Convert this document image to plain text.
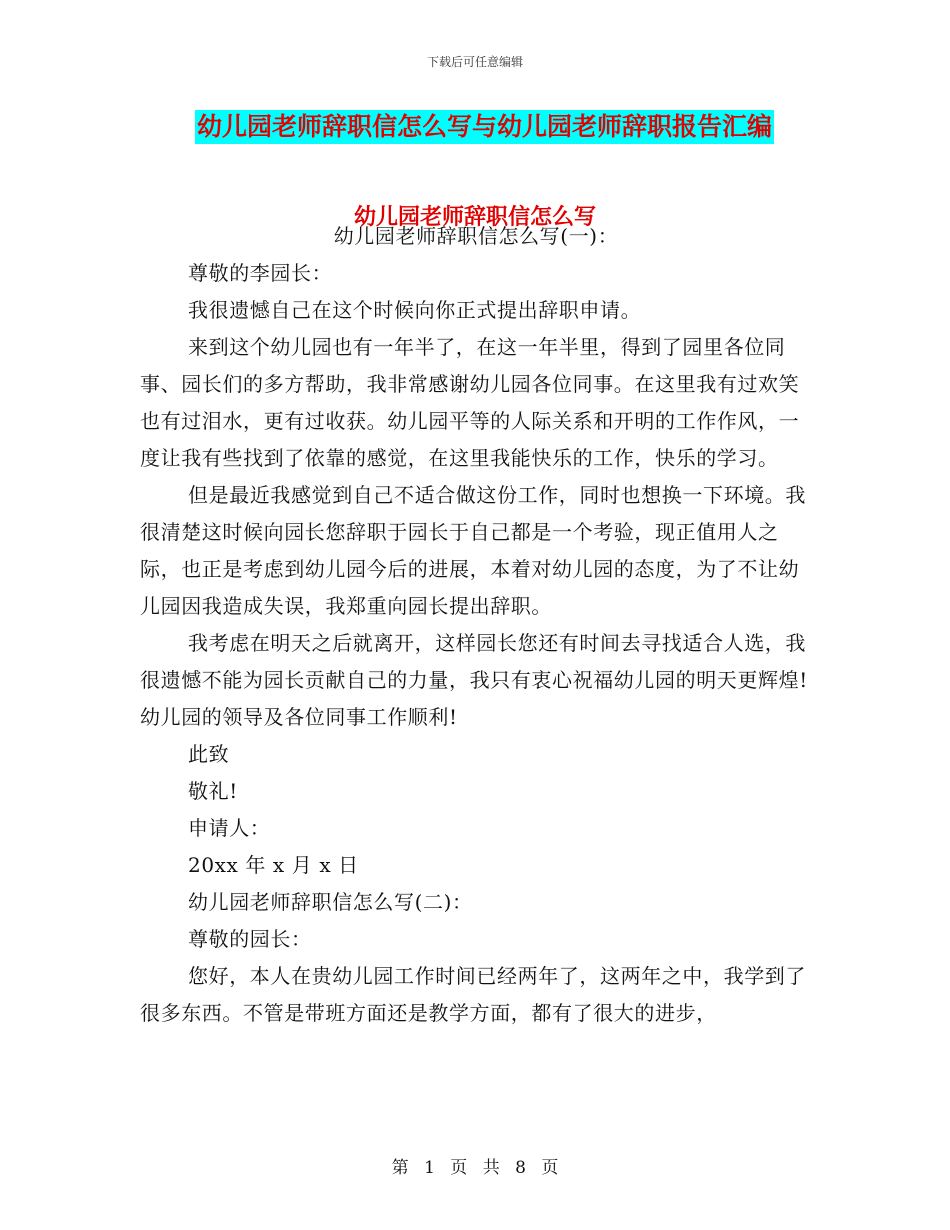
下载后可任意编辑
幼儿园老师辞职信怎么写与幼儿园老师辞职报告汇编
幼儿园老师辞职信怎么写

幼儿园老师辞职信怎么写(一)：

尊敬的李园长：

我很遗憾自己在这个时候向你正式提出辞职申请。

来到这个幼儿园也有一年半了，在这一年半里，得到了园里各位同事、园长们的多方帮助，我非常感谢幼儿园各位同事。在这里我有过欢笑也有过泪水，更有过收获。幼儿园平等的人际关系和开明的工作作风，一度让我有些找到了依靠的感觉，在这里我能快乐的工作，快乐的学习。

但是最近我感觉到自己不适合做这份工作，同时也想换一下环境。我很清楚这时候向园长您辞职于园长于自己都是一个考验，现正值用人之际，也正是考虑到幼儿园今后的进展，本着对幼儿园的态度，为了不让幼儿园因我造成失误，我郑重向园长提出辞职。

我考虑在明天之后就离开，这样园长您还有时间去寻找适合人选，我很遗憾不能为园长贡献自己的力量，我只有衷心祝福幼儿园的明天更辉煌!幼儿园的领导及各位同事工作顺利!

此致

敬礼!

申请人：

20xx 年 x 月 x 日

幼儿园老师辞职信怎么写(二)：

尊敬的园长：

您好，本人在贵幼儿园工作时间已经两年了，这两年之中，我学到了很多东西。不管是带班方面还是教学方面，都有了很大的进步，

第 1 页 共 8 页
